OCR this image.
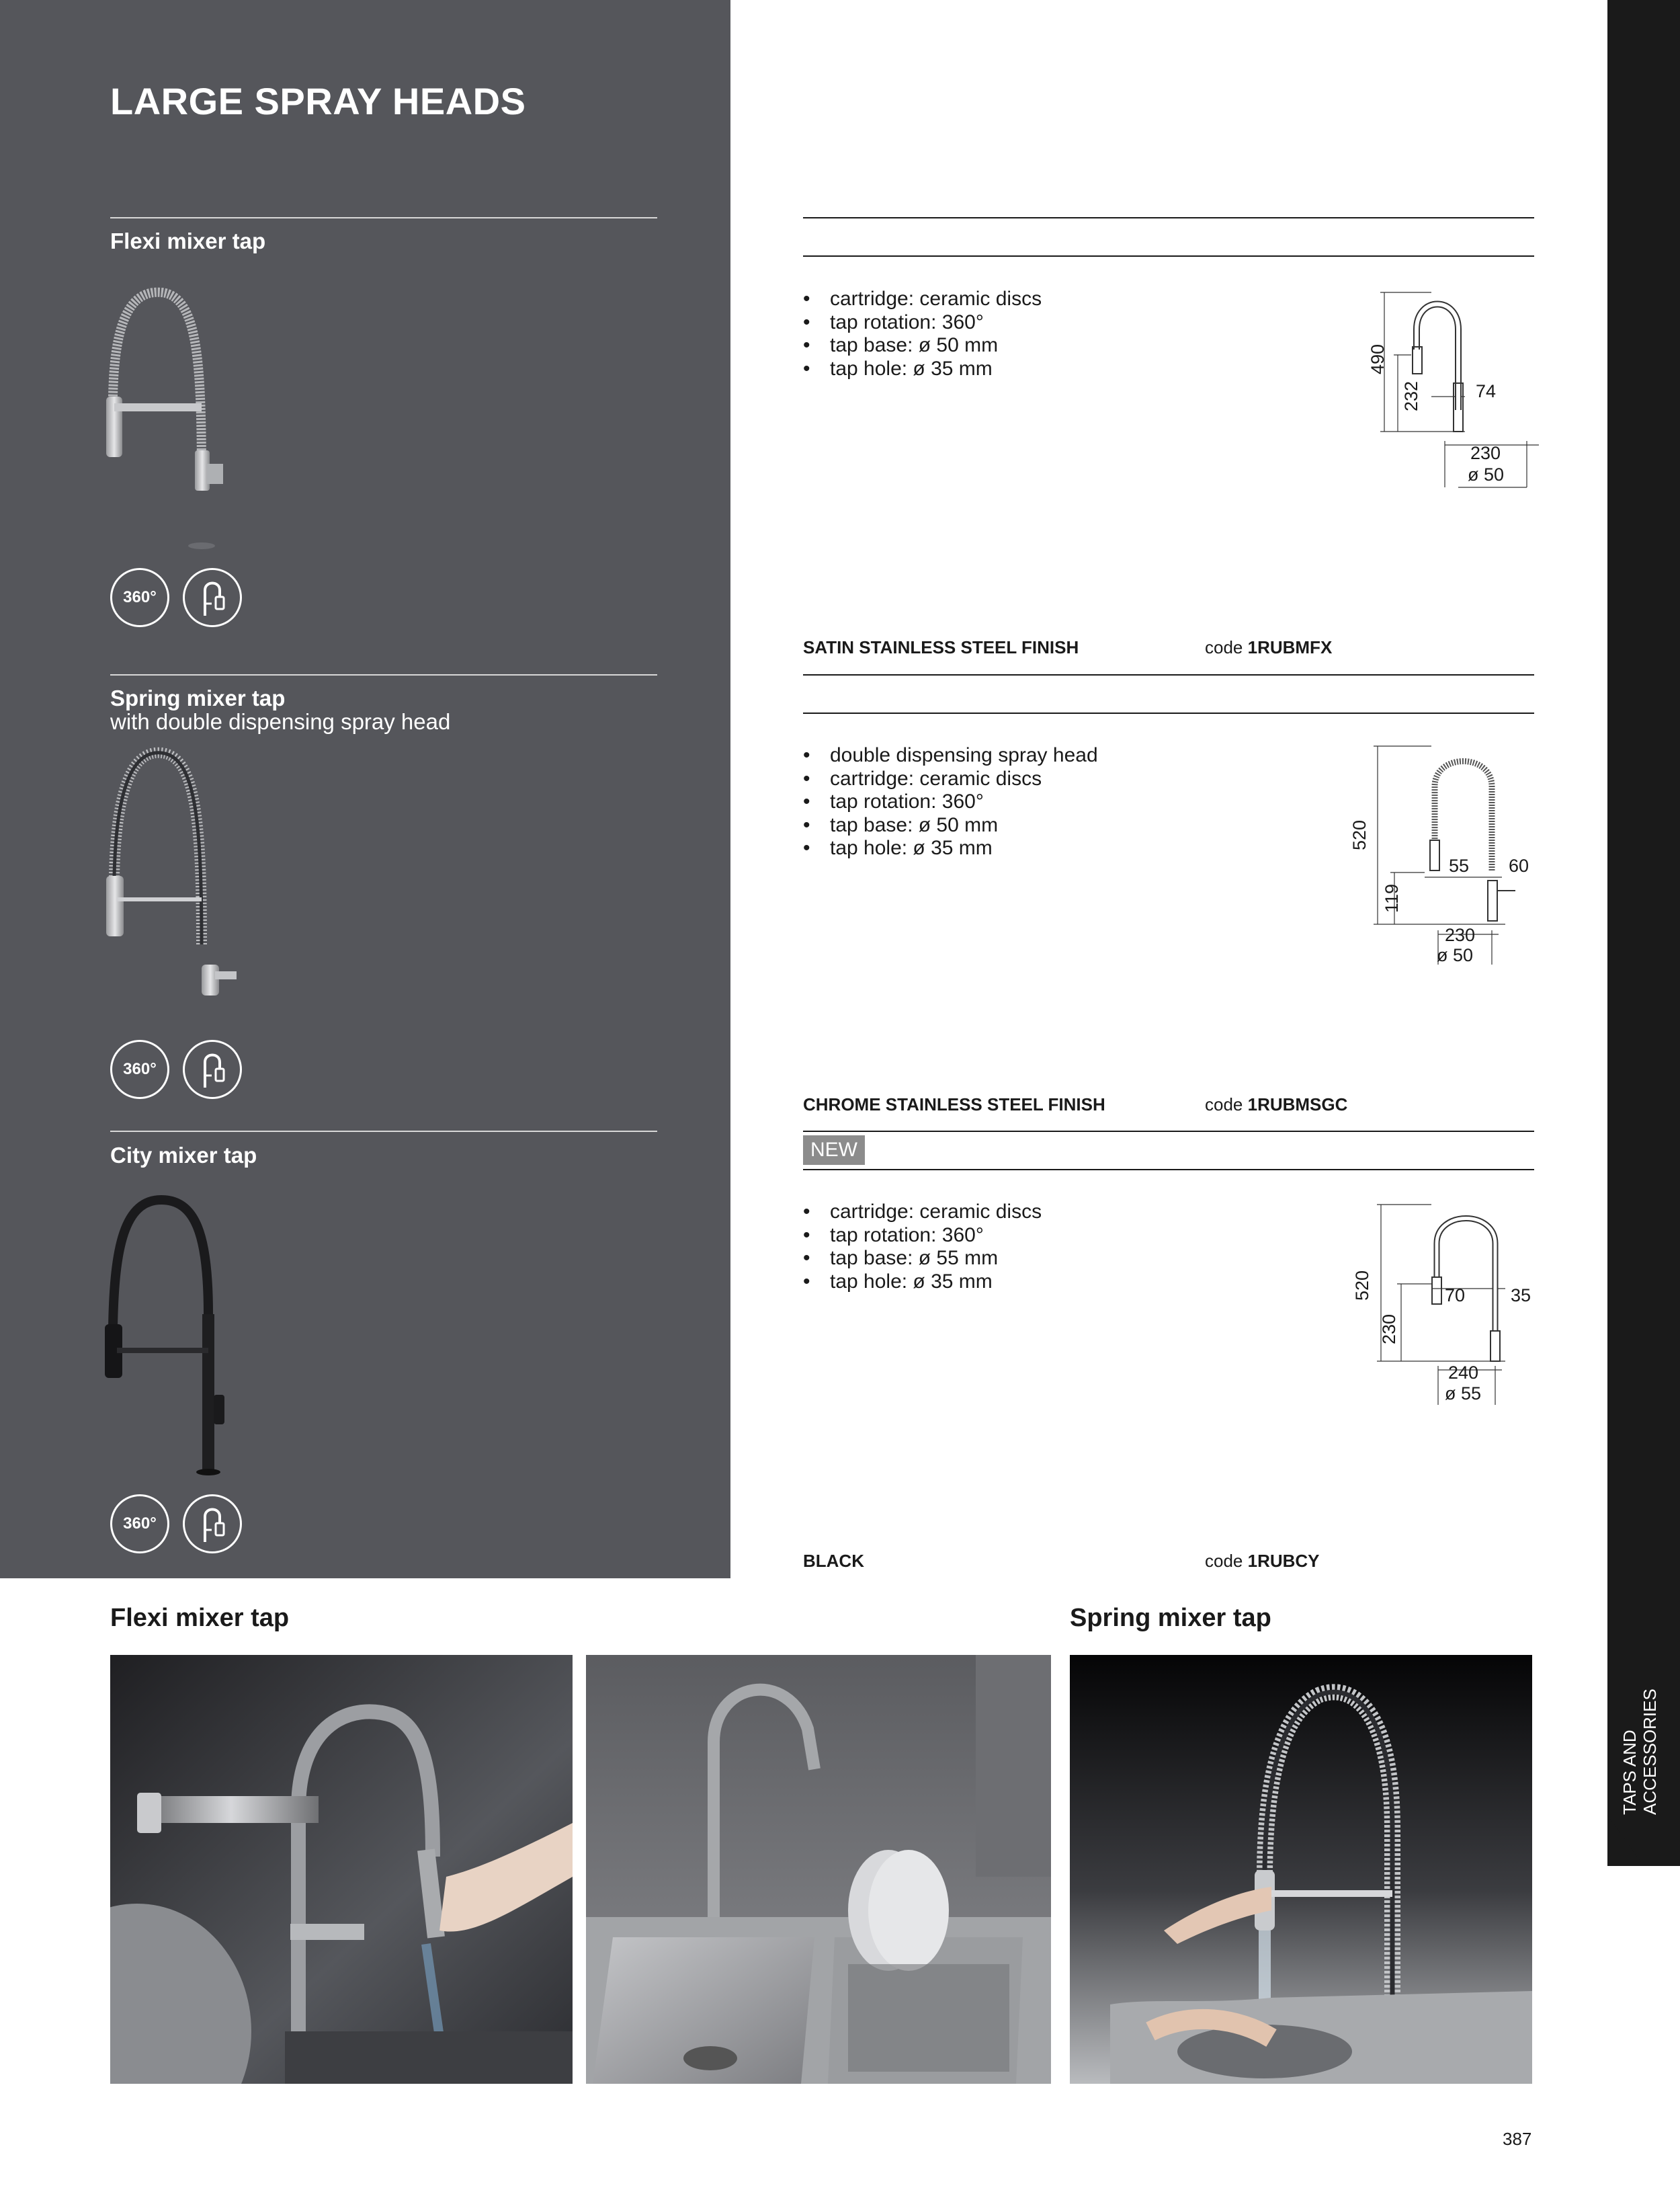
LARGE SPRAY HEADS
Flexi mixer tap
360°
• cartridge: ceramic discs
• tap rotation: 360°
• tap base: ø 50 mm
• tap hole: ø 35 mm	490
232	74
230
ø 50
SATIN STAINLESS STEEL FINISH	code 1RUBMFX
Spring mixer tap
with double dispensing spray head
360°
• double dispensing spray head
• cartridge: ceramic discs
• tap rotation: 360°
• tap base: ø 50 mm
• tap hole: ø 35 mm	520
119
55 60
230
ø 50
CHROME STAINLESS STEEL FINISH	code 1RUBMSGC
City mixer tap
360°
NEW
• cartridge: ceramic discs
• tap rotation: 360°
• tap base: ø 55 mm
• tap hole: ø 35 mm	520
230
70	35
240
ø 55
BLACK	code 1RUBCY
Flexi mixer tap	Spring mixer tap
TAPS AND ACCESSORIES
387
